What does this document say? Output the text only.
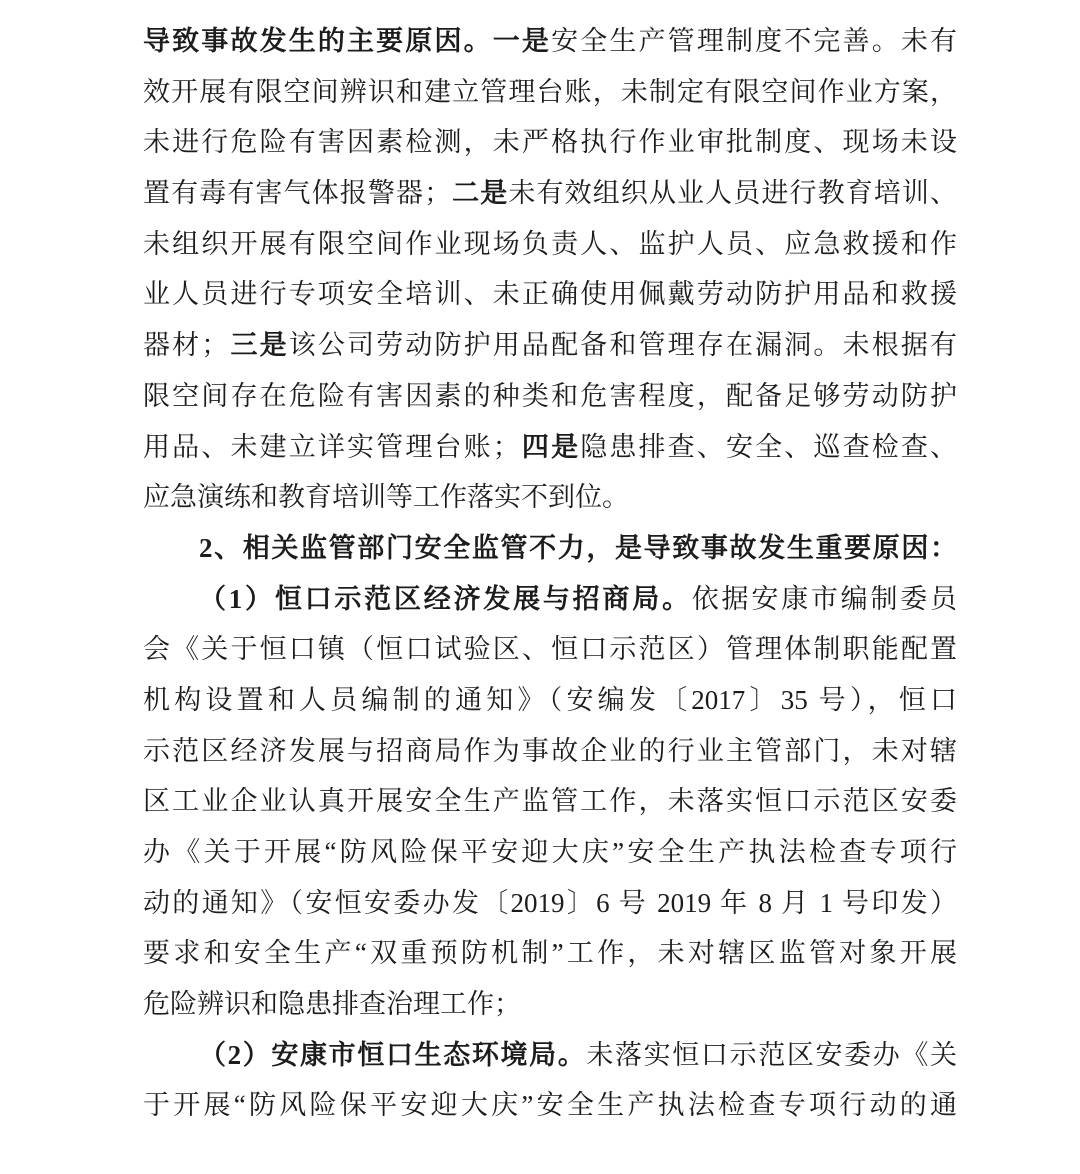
导致事故发生的主要原因。一是安全生产管理制度不完善。未有
效开展有限空间辨识和建立管理台账，未制定有限空间作业方案，
未进行危险有害因素检测，未严格执行作业审批制度、现场未设
置有毒有害气体报警器；二是未有效组织从业人员进行教育培训、
未组织开展有限空间作业现场负责人、监护人员、应急救援和作
业人员进行专项安全培训、未正确使用佩戴劳动防护用品和救援
器材；三是该公司劳动防护用品配备和管理存在漏洞。未根据有
限空间存在危险有害因素的种类和危害程度，配备足够劳动防护
用品、未建立详实管理台账；四是隐患排查、安全、巡查检查、
应急演练和教育培训等工作落实不到位。
2、相关监管部门安全监管不力，是导致事故发生重要原因：
（1）恒口示范区经济发展与招商局。依据安康市编制委员
会《关于恒口镇（恒口试验区、恒口示范区）管理体制职能配置
机构设置和人员编制的通知》（安编发〔2017〕35 号），恒口
示范区经济发展与招商局作为事故企业的行业主管部门，未对辖
区工业企业认真开展安全生产监管工作，未落实恒口示范区安委
办《关于开展“防风险保平安迎大庆”安全生产执法检查专项行
动的通知》（安恒安委办发〔2019〕6 号 2019 年 8 月 1 号印发）
要求和安全生产“双重预防机制”工作，未对辖区监管对象开展
危险辨识和隐患排查治理工作；
（2）安康市恒口生态环境局。未落实恒口示范区安委办《关
于开展“防风险保平安迎大庆”安全生产执法检查专项行动的通
